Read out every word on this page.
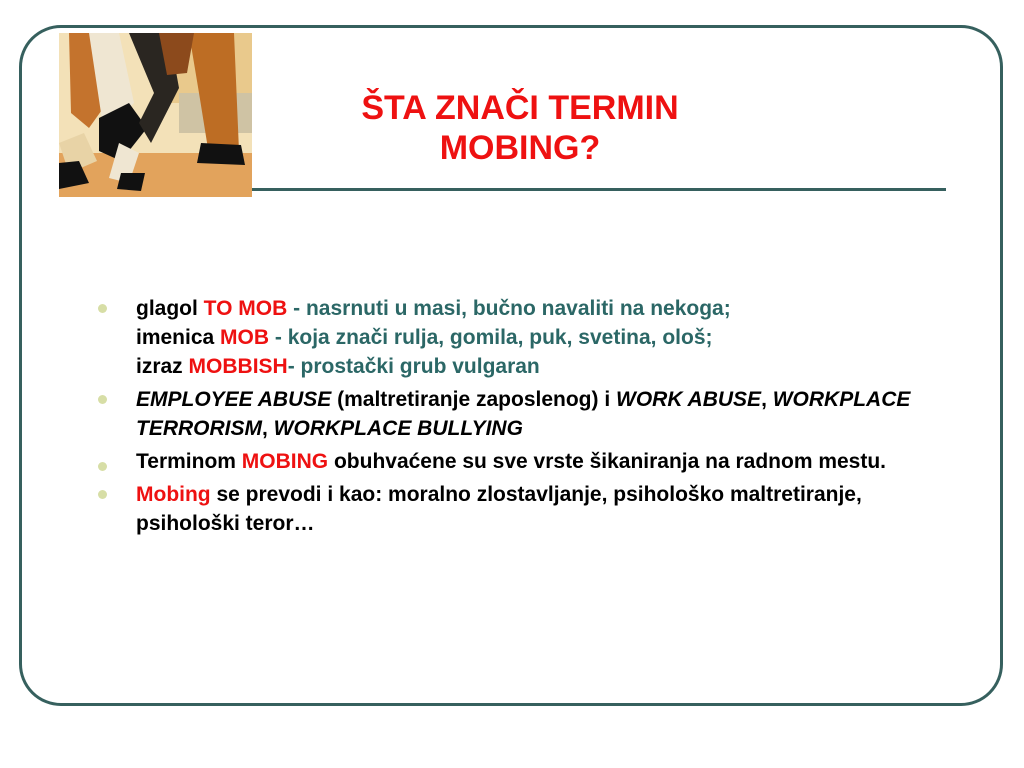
ŠTA ZNAČI TERMIN
MOBING?
glagol TO MOB - nasrnuti u masi, bučno navaliti na nekoga;
imenica MOB - koja znači rulja, gomila, puk, svetina, ološ;
izraz MOBBISH- prostački grub vulgaran
EMPLOYEE ABUSE (maltretiranje zaposlenog) i WORK ABUSE, WORKPLACE TERRORISM, WORKPLACE BULLYING
Terminom MOBING obuhvaćene su sve vrste šikaniranja na radnom mestu.
Mobing se prevodi i kao: moralno zlostavljanje, psihološko maltretiranje, psihološki teror…
